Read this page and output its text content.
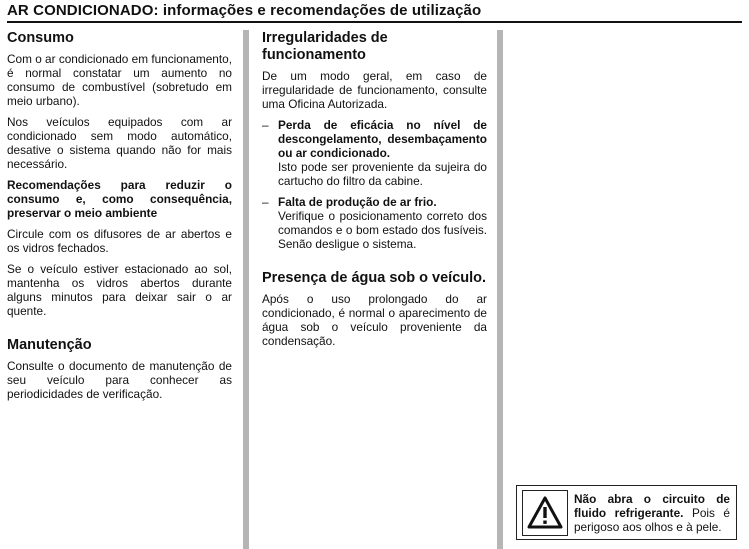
AR CONDICIONADO: informações e recomendações de utilização
Consumo

Com o ar condicionado em funcionamento, é normal constatar um aumento no consumo de combustível (sobretudo em meio urbano).

Nos veículos equipados com ar condicionado sem modo automático, desative o sistema quando não for mais necessário.

Recomendações para reduzir o consumo e, como consequência, preservar o meio ambiente

Circule com os difusores de ar abertos e os vidros fechados.

Se o veículo estiver estacionado ao sol, mantenha os vidros abertos durante alguns minutos para deixar sair o ar quente.

Manutenção

Consulte o documento de manutenção de seu veículo para conhecer as periodicidades de verificação.

Irregularidades de funcionamento

De um modo geral, em caso de irregularidade de funcionamento, consulte uma Oficina Autorizada.

– Perda de eficácia no nível de descongelamento, desembaçamento ou ar condicionado.

Isto pode ser proveniente da sujeira do cartucho do filtro da cabine.

– Falta de produção de ar frio.

Verifique o posicionamento correto dos comandos e o bom estado dos fusíveis. Senão desligue o sistema.

Presença de água sob o veículo.

Após o uso prolongado do ar condicionado, é normal o aparecimento de água sob o veículo proveniente da condensação.

Não abra o circuito de fluido refrigerante. Pois é perigoso aos olhos e à pele.
